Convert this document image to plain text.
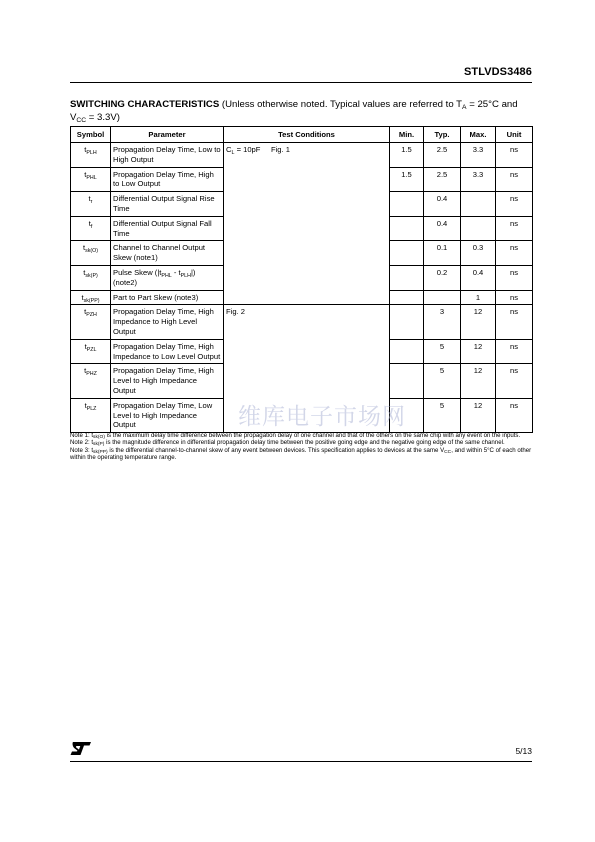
STLVDS3486
SWITCHING CHARACTERISTICS (Unless otherwise noted. Typical values are referred to $T_A = 25^\circ C$ and $V_{CC} = 3.3V$)
Symbol	Parameter	Test Conditions	Min.	Typ.	Max.	Unit
$t_{PLH}$	Propagation Delay Time, Low to High Output	$C_L = 10pF$     Fig. 1	1.5	2.5	3.3	ns
$t_{PHL}$	Propagation Delay Time, High to Low Output		1.5	2.5	3.3	ns
$t_r$	Differential Output Signal Rise Time			0.4		ns
$t_f$	Differential Output Signal Fall Time			0.4		ns
$t_{sk(O)}$	Channel to Channel Output Skew (note1)			0.1	0.3	ns
$t_{sk(P)}$	Pulse Skew $(|t_{PHL} - t_{PLH}|)$ (note2)			0.2	0.4	ns
$t_{sk(PP)}$	Part to Part Skew (note3)				1	ns
$t_{PZH}$	Propagation Delay Time, High Impedance to High Level Output	Fig. 2		3	12	ns
$t_{PZL}$	Propagation Delay Time, High Impedance to Low Level Output			5	12	ns
$t_{PHZ}$	Propagation Delay Time, High Level to High Impedance  Output			5	12	ns
$t_{PLZ}$	Propagation Delay Time, Low Level to High Impedance Output			5	12	ns

Note 1: $t_{sk(O)}$ is the maximum delay time difference between the propagation delay of one channel and that of the others on the same chip with any event on the inputs.

Note 2: $t_{sk(P)}$ is the magnitude difference in differential propagation delay time between the positive going edge and the negative going edge of the same channel.

Note 3: $t_{sk(PP)}$ is the differential channel-to-channel skew of any event between devices. This specification applies to devices at the same $V_{CC}$, and within 5°C of each other within the operating temperature range.

维库电子市场网
5/13
